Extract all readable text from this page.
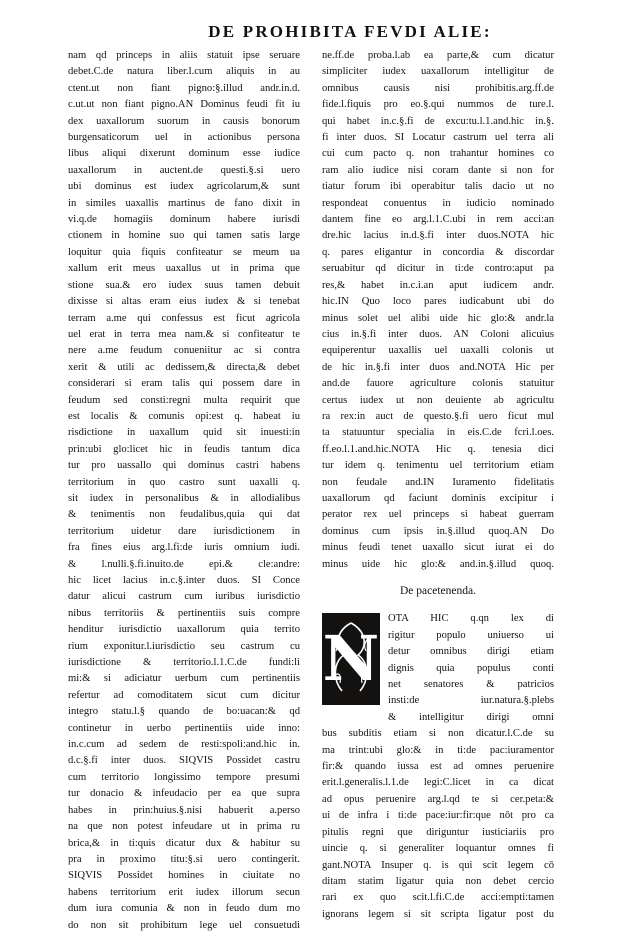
DE PROHIBITA FEVDI ALIE:
nam qd princeps in aliis statuit ipse seruare
debet.C.de natura liber.l.cum aliquis in au
ctent.ut non fiant pigno:§.illud andr.in.d.
c.ut.ut non fiant pigno.AN Dominus feudi fit iu
dex uaxallorum suorum in causis bonorum
burgensaticorum uel in actionibus persona
libus aliqui dixerunt dominum esse iudice
uaxallorum in auctent.de questi.§.si uero
ubi dominus est iudex agricolarum,& sunt
in similes uaxallis martinus de fano dixit in
vi.q.de homagiis dominum habere iurisdi
ctionem in homine suo qui tamen satis large
loquitur quia fiquis confiteatur se meum ua
xallum erit meus uaxallus ut in prima que
stione sua.& ero iudex suus tamen debuit
dixisse si altas eram eius iudex & si tenebat
terram a.me qui confessus est ficut agricola
uel erat in terra mea nam.& si confiteatur te
nere a.me feudum conueniitur ac si contra
xerit & utili ac dedissem,& directa,& debet
considerari si eram talis qui possem dare in
feudum sed consti:regni multa requirit que
est localis & comunis opi:est q. habeat iu
risdictione in uaxallum quid sit inuesti:in
prin:ubi glo:licet hic in feudis tantum dica
tur pro uassallo qui dominus castri habens
territorium in quo castro sunt uaxalli q.
sit iudex in personalibus & in allodialibus
& tenimentis non feudalibus,quia qui dat
territorium uidetur dare iurisdictionem in
fra fines eius arg.l.fi:de iuris omnium iudi.
& l.nulli.§.fi.inuito.de epi.& cle:andre:
hic licet lacius in.c.§.inter duos. SI Conce
datur alicui castrum cum iuribus iurisdictio
nibus territoriis & pertinentiis suis compre
henditur iurisdictio uaxallorum quia territo
rium exponitur.l.iurisdictio seu castrum cu
iurisdictione & territorio.l.1.C.de fundi:li
mi:& si adiciatur uerbum cum pertinentiis
refertur ad comoditatem sicut cum dicitur
integro statu.l.§ quando de bo:uacan:& qd
continetur in uerbo pertinentiis uide inno:
in.c.cum ad sedem de resti:spoli:and.hic in.
d.c.§.fi inter duos. SIQVIS Possidet castru
cum territorio longissimo tempore presumi
tur donacio & infeudacio per ea que supra
habes in prin:huius.§.nisi habuerit a.perso
na que non potest infeudare ut in prima ru
brica,& in ti:quis dicatur dux & habitur su
pra in proximo titu:§.si uero contingerit.
SIQVIS Possidet homines in ciuitate no
habens territorium erit iudex illorum secun
dum iura comunia & non in feudo dum mo
do non sit prohibitum lege uel consuetudi
ne.ff.de proba.l.ab ea parte,& cum dicatur
simpliciter iudex uaxallorum intelligitur de
omnibus causis nisi prohibitis.arg.ff.de
fide.l.fiquis pro eo.§.qui nummos de ture.l.
qui habet in.c.§.fi de excu:tu.l.1.and.hic in.§.
fi inter duos. SI Locatur castrum uel terra ali
cui cum pacto q. non trahantur homines co
ram alio iudice nisi coram dante si non for
tiatur forum ibi operabitur talis dacio ut no
respondeat conuentus in iudicio nominado
dantem fine eo arg.l.1.C.ubi in rem acci:an
dre.hic lacius in.d.§.fi inter duos.NOTA hic
q. pares eligantur in concordia & discordar
seruabitur qd dicitur in ti:de contro:aput pa
res,& habet in.c.i.an aput iudicem andr.
hic.IN Quo loco pares iudicabunt ubi do
minus solet uel alibi uide hic glo:& andr.la
cius in.§.fi inter duos. AN Coloni alicuius
equiperentur uaxallis uel uaxalli colonis ut
de hic in.§.fi inter duos and.NOTA Hic per
and.de fauore agriculture colonis statuitur
certus iudex ut non deuiente ab agricultu
ra rex:in auct de questo.§.fi uero ficut mul
ta statuuntur specialia in eis.C.de fcri.l.oes.
ff.eo.l.1.and.hic.NOTA Hic q. tenesia dici
tur idem q. tenimentu uel territorium etiam
non feudale and.IN Iuramento fidelitatis
uaxallorum qd faciunt dominis excipitur i
perator rex uel princeps si habeat guerram
dominus cum ipsis in.§.illud quoq.AN Do
minus feudi tenet uaxallo sicut iurat ei do
minus uide hic glo:& and.in.§.illud quoq.
De pacetenenda.
N
OTA HIC q.qn lex di
rigitur populo uniuerso ui
detur omnibus dirigi etiam
dignis quia populus conti
net senatores & patricios
insti:de iur.natura.§.plebs
& intelligitur dirigi omni
bus subditis etiam si non dicatur.l.C.de su
ma trint:ubi glo:& in ti:de pac:iuramentor
fir:& quando iussa est ad omnes peruenire
erit.l.generalis.l.1.de legi:C.licet in ca dicat
ad opus peruenire arg.l.qd te si cer.peta:&
ui de infra i ti:de pace:iur:fir:que nōt pro ca
pitulis regni que diriguntur iusticiariis pro
uincie q. si generaliter loquantur omnes fi
gant.NOTA Insuper q. is qui scit legem cō
ditam statim ligatur quia non debet cercio
rari ex quo scit.l.fi.C.de acci:empti:tamen
ignorans legem si sit scripta ligatur post du
